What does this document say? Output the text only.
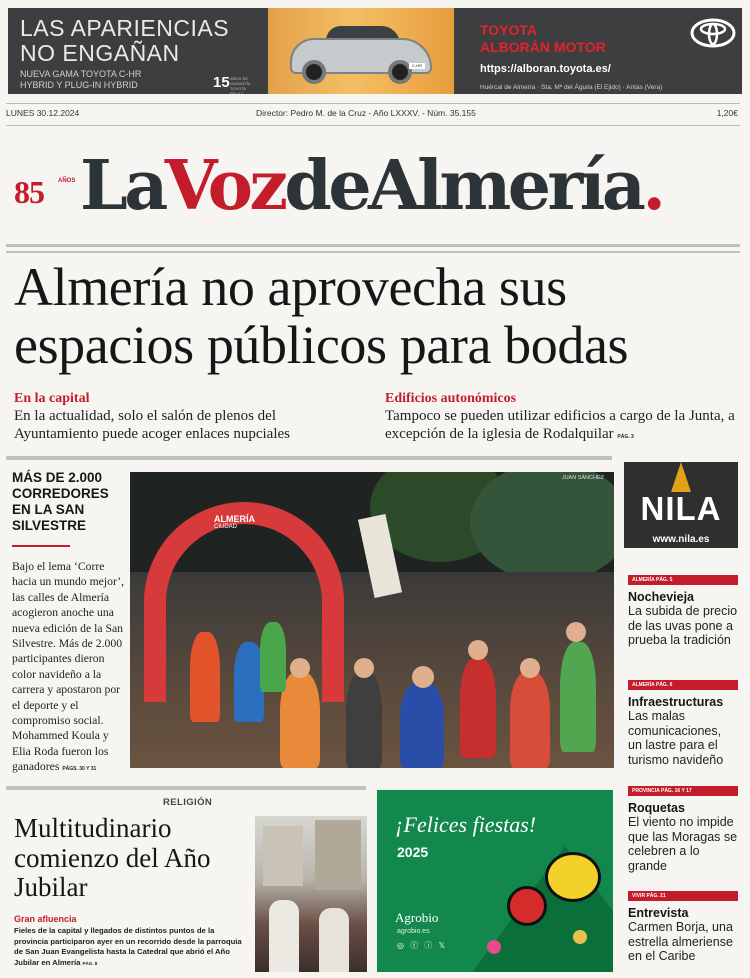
LAS APARIENCIAS
NO ENGAÑAN
NUEVA GAMA TOYOTA C-HR
HYBRID Y PLUG-IN HYBRID	15 AÑOS DE GARANTÍA TOYOTA RELAX
C-HR
TOYOTA
ALBORÁN MOTOR
https://alboran.toyota.es/
Huércal de Almería · Sta. Mª del Águila (El Ejido) · Antas (Vera)
LUNES 30.12.2024	Director: Pedro M. de la Cruz - Año LXXXV. - Núm. 35.155	1,20€
85 AÑOS LaVozdeAlmería.
Almería no aprovecha sus espacios públicos para bodas
En la capital
En la actualidad, solo el salón de plenos del Ayuntamiento puede acoger enlaces nupciales
Edificios autonómicos
Tampoco se pueden utilizar edificios a cargo de la Junta, a excepción de la iglesia de Rodalquilar PÁG. 3
MÁS DE 2.000 CORREDORES EN LA SAN SILVESTRE
Bajo el lema ‘Corre hacia un mundo mejor’, las calles de Almería acogieron anoche una nueva edición de la San Silvestre. Más de 2.000 participantes dieron color navideño a la carrera y apostaron por el deporte y el compromiso social. Mohammed Koula y Elia Roda fueron los ganadores PÁGS. 30 Y 31
ALMERÍA
CIUDAD
JUAN SÁNCHEZ
NILA
www.nila.es
ALMERÍA PÁG. 5
Nochevieja
La subida de precio de las uvas pone a prueba la tradición
ALMERÍA PÁG. 6
Infraestructuras
Las malas comunicaciones, un lastre para el turismo navideño
PROVINCIA PÁG. 16 Y 17
Roquetas
El viento no impide que las Moragas se celebren a lo grande
VIVIR PÁG. 21
Entrevista
Carmen Borja, una estrella almeriense en el Caribe
RELIGIÓN
Multitudinario comienzo del Año Jubilar
Gran afluencia
Fieles de la capital y llegados de distintos puntos de la provincia participaron ayer en un recorrido desde la parroquia de San Juan Evangelista hasta la Catedral que abrió el Año Jubilar en Almería PÁG. 8
¡Felices fiestas!
2025
Agrobio
agrobio.es
◎ ⓕ ⓘ 𝕏
